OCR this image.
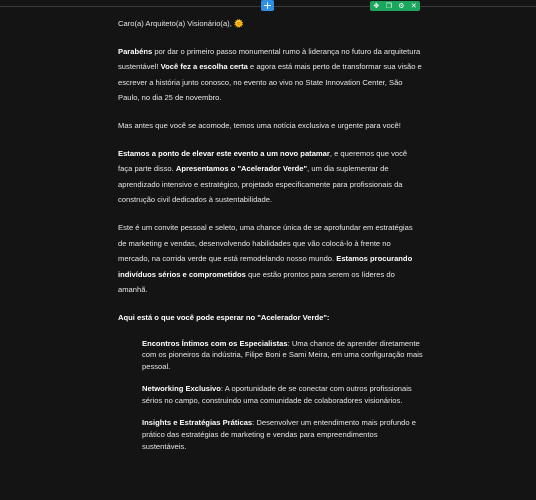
+	✥ ❐ ⚙ ✕

Caro(a) Arquiteto(a) Visionário(a), 🌞

Parabéns por dar o primeiro passo monumental rumo à liderança no futuro da arquitetura sustentável! Você fez a escolha certa e agora está mais perto de transformar sua visão e escrever a história junto conosco, no evento ao vivo no State Innovation Center, São Paulo, no dia 25 de novembro.

Mas antes que você se acomode, temos uma notícia exclusiva e urgente para você!

Estamos a ponto de elevar este evento a um novo patamar, e queremos que você faça parte disso. Apresentamos o "Acelerador Verde", um dia suplementar de aprendizado intensivo e estratégico, projetado especificamente para profissionais da construção civil dedicados à sustentabilidade.

Este é um convite pessoal e seleto, uma chance única de se aprofundar em estratégias de marketing e vendas, desenvolvendo habilidades que vão colocá-lo à frente no mercado, na corrida verde que está remodelando nosso mundo. Estamos procurando indivíduos sérios e comprometidos que estão prontos para serem os líderes do amanhã.

Aqui está o que você pode esperar no "Acelerador Verde":
Encontros Íntimos com os Especialistas: Uma chance de aprender diretamente com os pioneiros da indústria, Filipe Boni e Sami Meira, em uma configuração mais pessoal.
Networking Exclusivo: A oportunidade de se conectar com outros profissionais sérios no campo, construindo uma comunidade de colaboradores visionários.
Insights e Estratégias Práticas: Desenvolver um entendimento mais profundo e prático das estratégias de marketing e vendas para empreendimentos sustentáveis.
